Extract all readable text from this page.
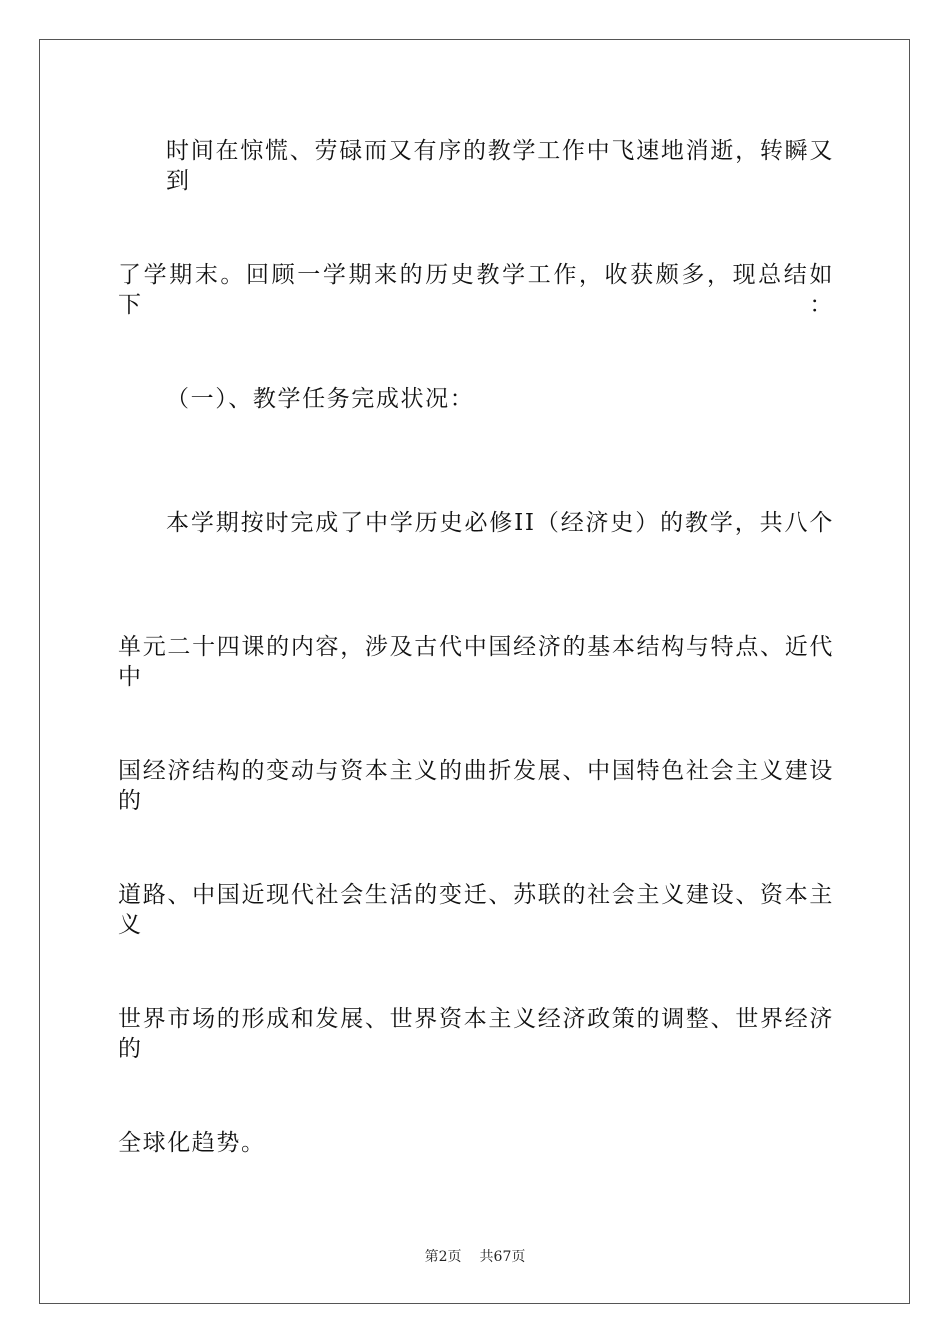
时间在惊慌、劳碌而又有序的教学工作中飞速地消逝，转瞬又到
了学期末。回顾一学期来的历史教学工作，收获颇多，现总结如下：
（一）、教学任务完成状况：
本学期按时完成了中学历史必修II（经济史）的教学，共八个
单元二十四课的内容，涉及古代中国经济的基本结构与特点、近代中
国经济结构的变动与资本主义的曲折发展、中国特色社会主义建设的
道路、中国近现代社会生活的变迁、苏联的社会主义建设、资本主义
世界市场的形成和发展、世界资本主义经济政策的调整、世界经济的
全球化趋势。
第2页 共67页
